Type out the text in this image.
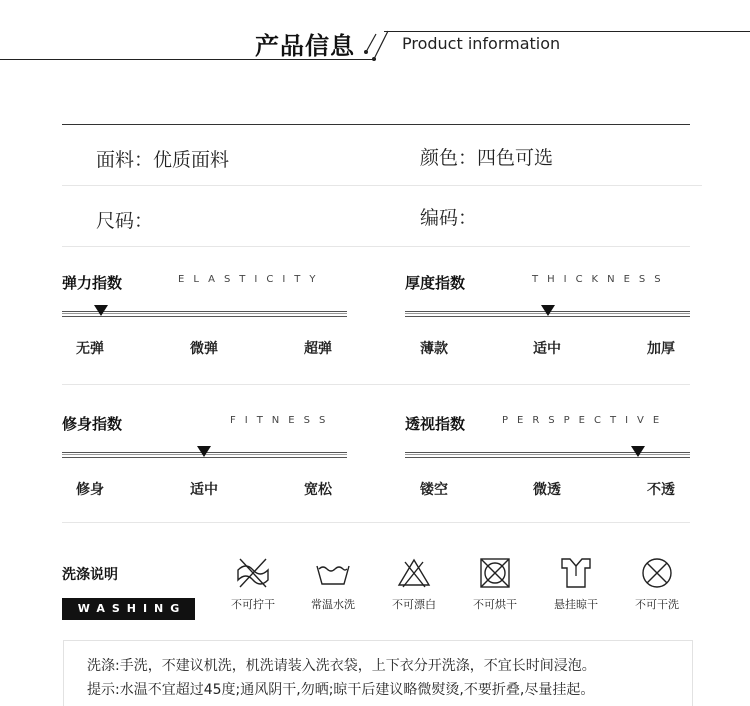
产品信息	Product information
面料：优质面料	颜色：四色可选
尺码：	编码：
弹力指数	ELASTICITY
无弹	微弹	超弹
厚度指数	THICKNESS
薄款	适中	加厚
修身指数	FITNESS
修身	适中	宽松
透视指数	PERSPECTIVE
镂空	微透	不透
洗涤说明
WASHING	不可拧干	常温水洗	不可漂白	不可烘干	悬挂晾干	不可干洗
洗涤:手洗，不建议机洗，机洗请装入洗衣袋，上下衣分开洗涤，不宜长时间浸泡。
提示:水温不宜超过45度;通风阴干,勿晒;晾干后建议略微熨烫,不要折叠,尽量挂起。
